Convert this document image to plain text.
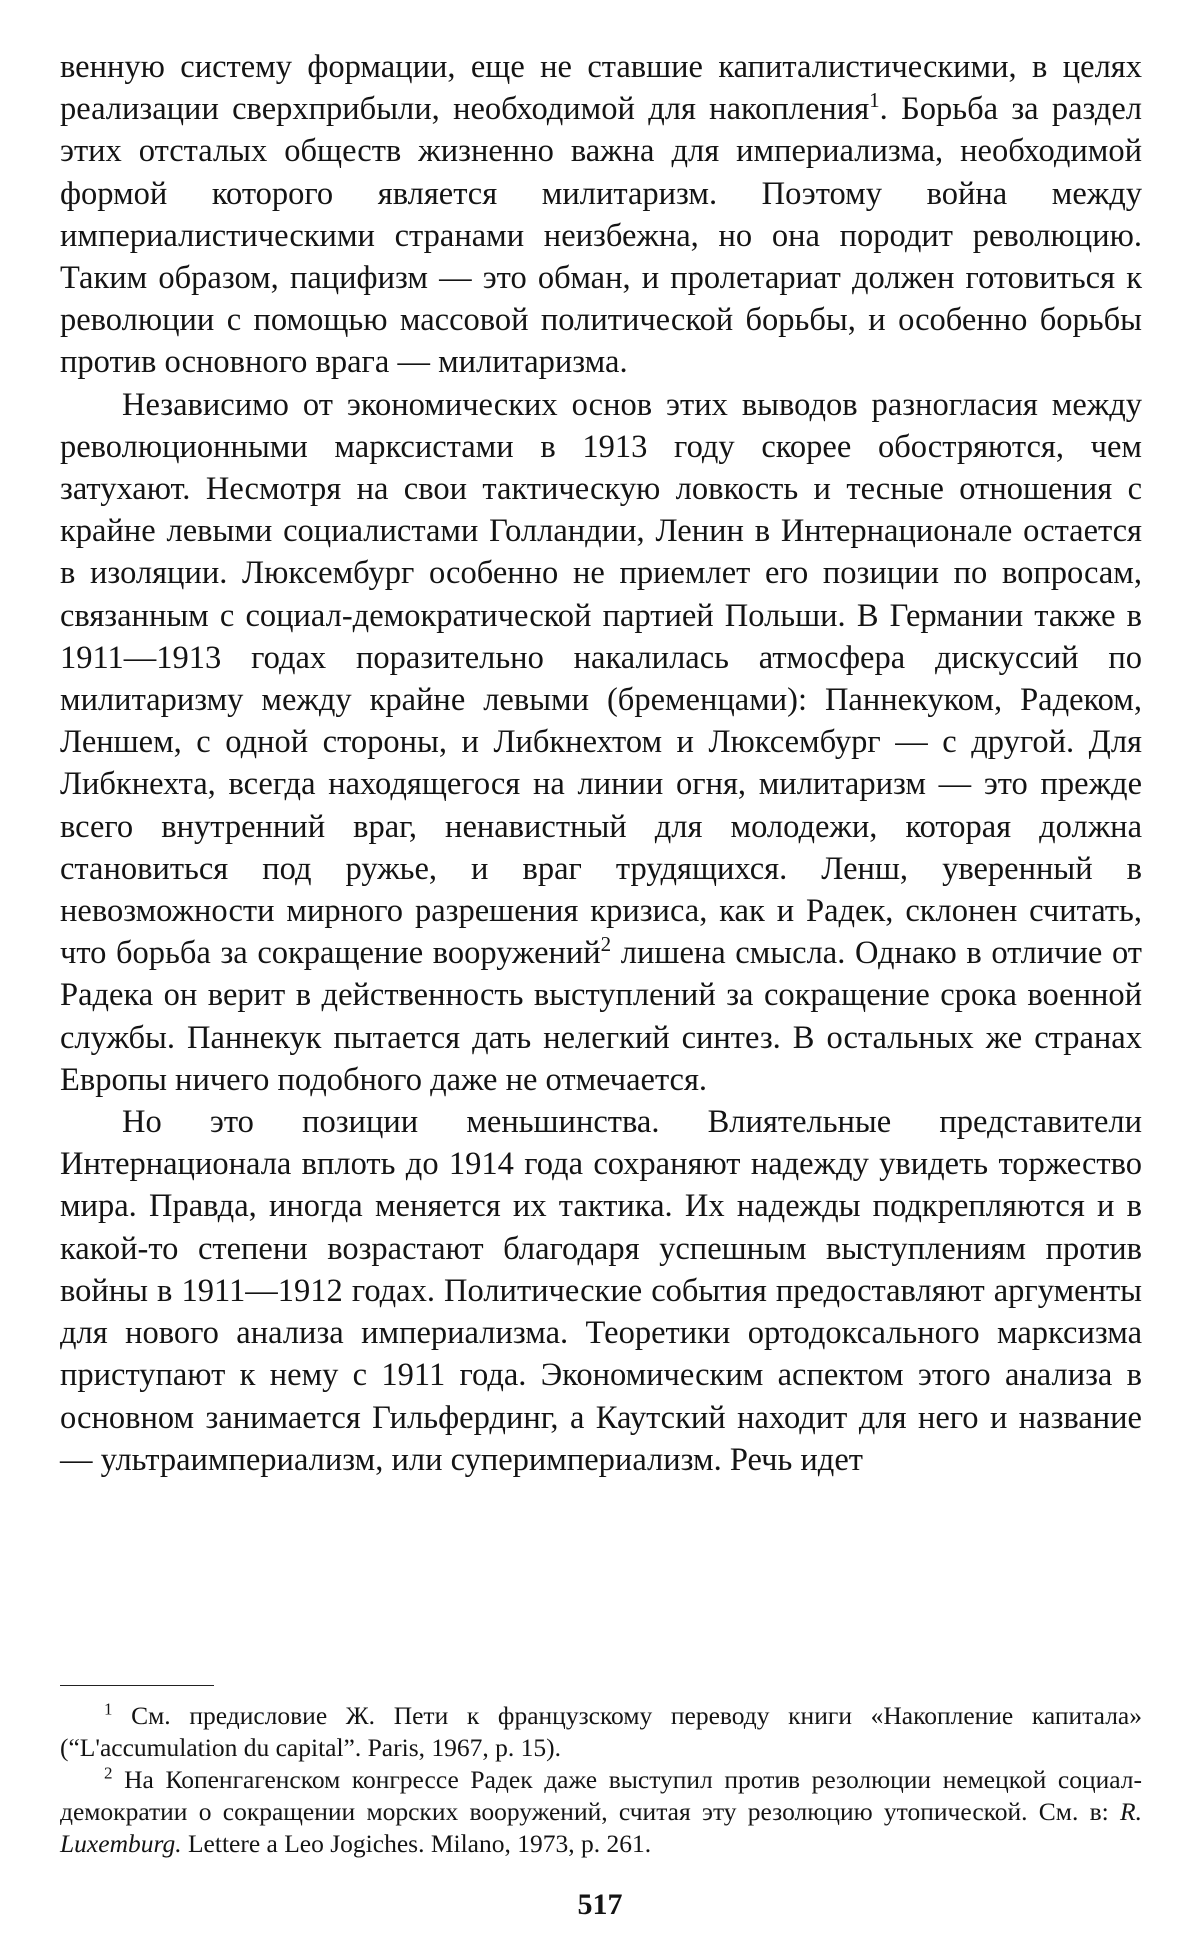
венную систему формации, еще не ставшие капиталистическими, в целях реализации сверхприбыли, необходимой для накопления$^1$. Борьба за раздел этих отсталых обществ жизненно важна для империализма, необходимой формой которого является милитаризм. Поэтому война между империалистическими странами неизбежна, но она породит революцию. Таким образом, пацифизм — это обман, и пролетариат должен готовиться к революции с помощью массовой политической борьбы, и особенно борьбы против основного врага — милитаризма.

Независимо от экономических основ этих выводов разногласия между революционными марксистами в 1913 году скорее обостряются, чем затухают. Несмотря на свои тактическую ловкость и тесные отношения с крайне левыми социалистами Голландии, Ленин в Интернационале остается в изоляции. Люксембург особенно не приемлет его позиции по вопросам, связанным с социал-демократической партией Польши. В Германии также в 1911—1913 годах поразительно накалилась атмосфера дискуссий по милитаризму между крайне левыми (бременцами): Паннекуком, Радеком, Леншем, с одной стороны, и Либкнехтом и Люксембург — с другой. Для Либкнехта, всегда находящегося на линии огня, милитаризм — это прежде всего внутренний враг, ненавистный для молодежи, которая должна становиться под ружье, и враг трудящихся. Ленш, уверенный в невозможности мирного разрешения кризиса, как и Радек, склонен считать, что борьба за сокращение вооружений$^2$ лишена смысла. Однако в отличие от Радека он верит в действенность выступлений за сокращение срока военной службы. Паннекук пытается дать нелегкий синтез. В остальных же странах Европы ничего подобного даже не отмечается.

Но это позиции меньшинства. Влиятельные представители Интернационала вплоть до 1914 года сохраняют надежду увидеть торжество мира. Правда, иногда меняется их тактика. Их надежды подкрепляются и в какой-то степени возрастают благодаря успешным выступлениям против войны в 1911—1912 годах. Политические события предоставляют аргументы для нового анализа империализма. Теоретики ортодоксального марксизма приступают к нему с 1911 года. Экономическим аспектом этого анализа в основном занимается Гильфердинг, а Каутский находит для него и название — ультраимпериализм, или суперимпериализм. Речь идет

$^1$ См. предисловие Ж. Пети к французскому переводу книги «Накопление капитала» (“L'accumulation du capital”. Paris, 1967, p. 15).

$^2$ На Копенгагенском конгрессе Радек даже выступил против резолюции немецкой социал-демократии о сокращении морских вооружений, считая эту резолюцию утопической. См. в: R. Luxemburg. Lettere a Leo Jogiches. Milano, 1973, p. 261.

517
